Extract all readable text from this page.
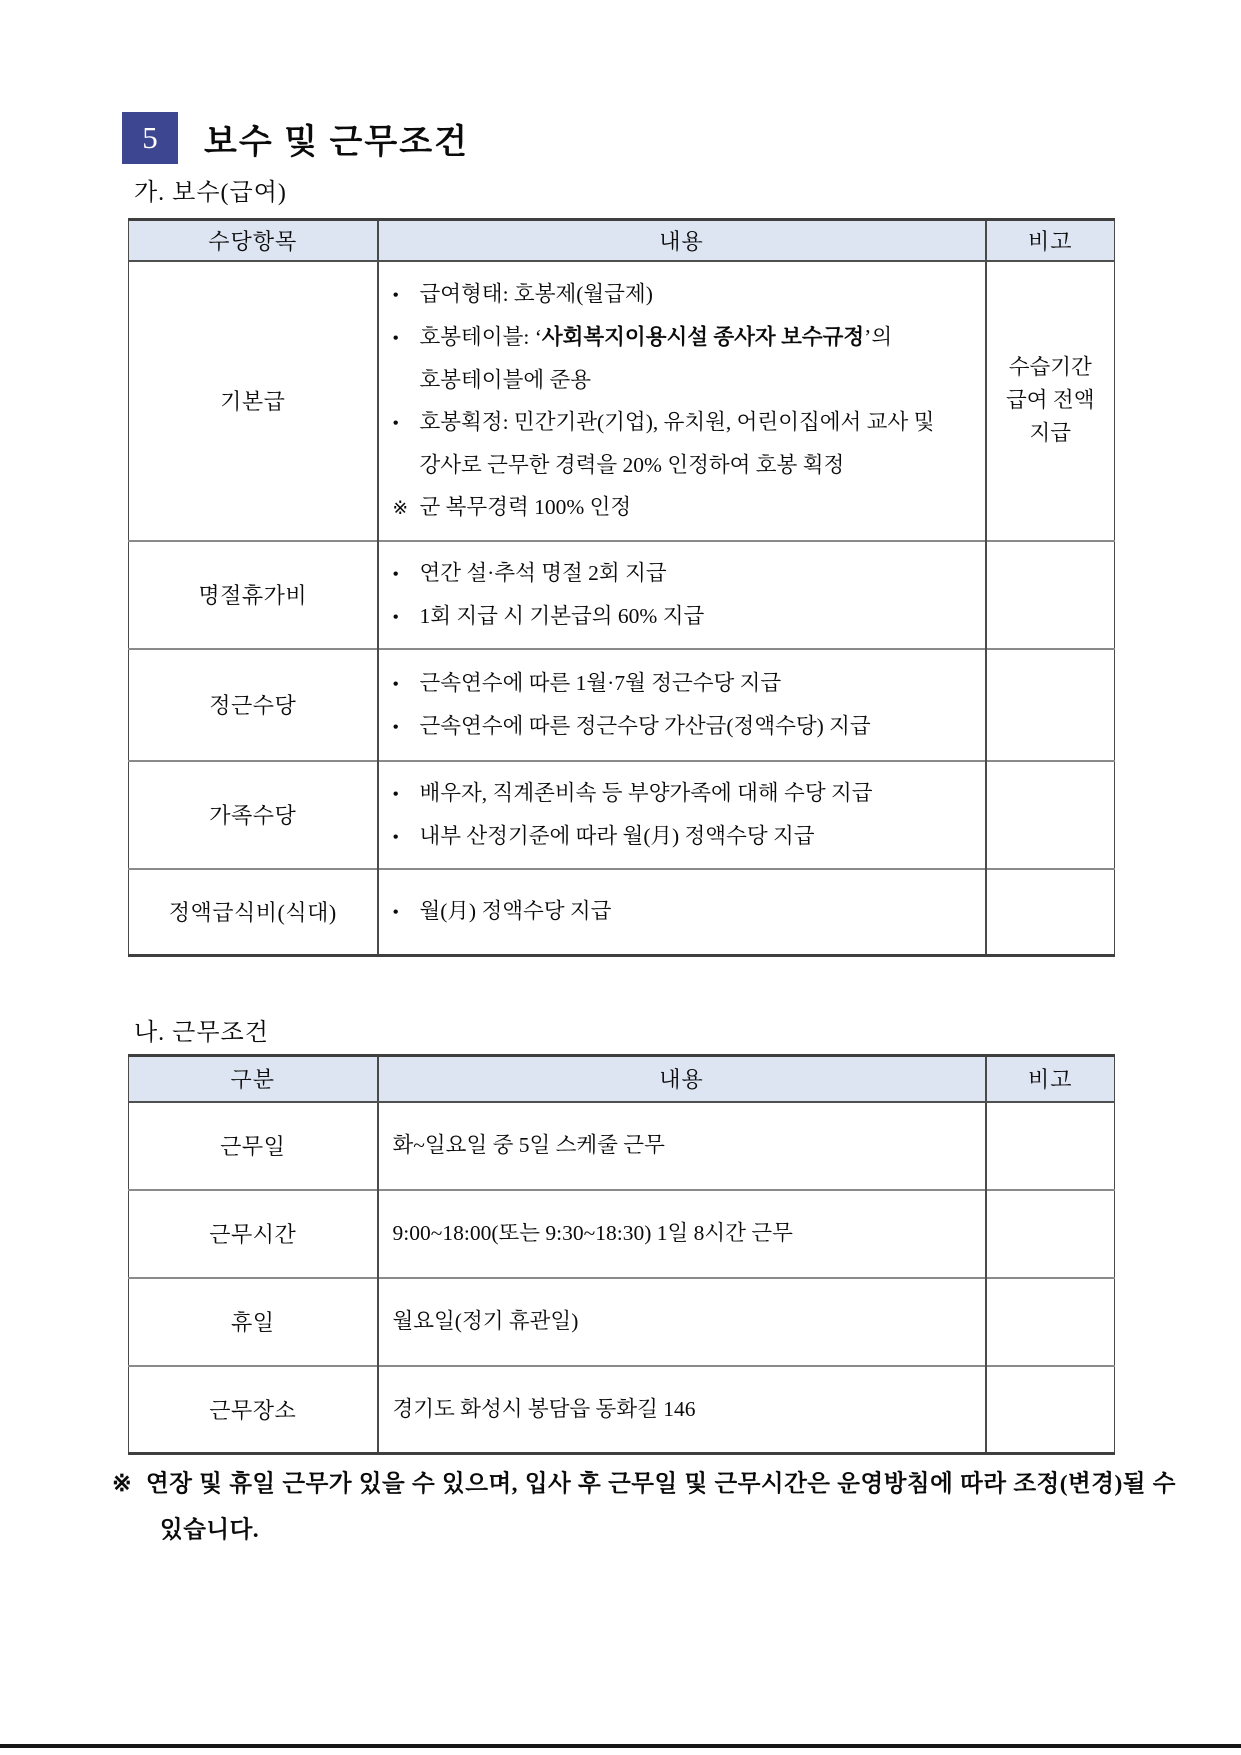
5	보수 및 근무조건
가. 보수(급여)
수당항목	내용	비고
기본급	• 급여형태: 호봉제(월급제)
• 호봉테이블: ‘사회복지이용시설 종사자 보수규정’의 호봉테이블에 준용
• 호봉획정: 민간기관(기업), 유치원, 어린이집에서 교사 및 강사로 근무한 경력을 20% 인정하여 호봉 획정
※ 군 복무경력 100% 인정	수습기간 급여 전액 지급
명절휴가비	• 연간 설·추석 명절 2회 지급
• 1회 지급 시 기본급의 60% 지급	

정근수당	• 근속연수에 따른 1월·7월 정근수당 지급
• 근속연수에 따른 정근수당 가산금(정액수당) 지급	

가족수당	• 배우자, 직계존비속 등 부양가족에 대해 수당 지급
• 내부 산정기준에 따라 월(月) 정액수당 지급	

정액급식비(식대)	• 월(月) 정액수당 지급	

나. 근무조건
구분	내용	비고
근무일	화~일요일 중 5일 스케줄 근무	
근무시간	9:00~18:00(또는 9:30~18:30) 1일 8시간 근무	
휴일	월요일(정기 휴관일)	
근무장소	경기도 화성시 봉담읍 동화길 146	
※ 연장 및 휴일 근무가 있을 수 있으며, 입사 후 근무일 및 근무시간은 운영방침에 따라 조정(변경)될 수 있습니다.
